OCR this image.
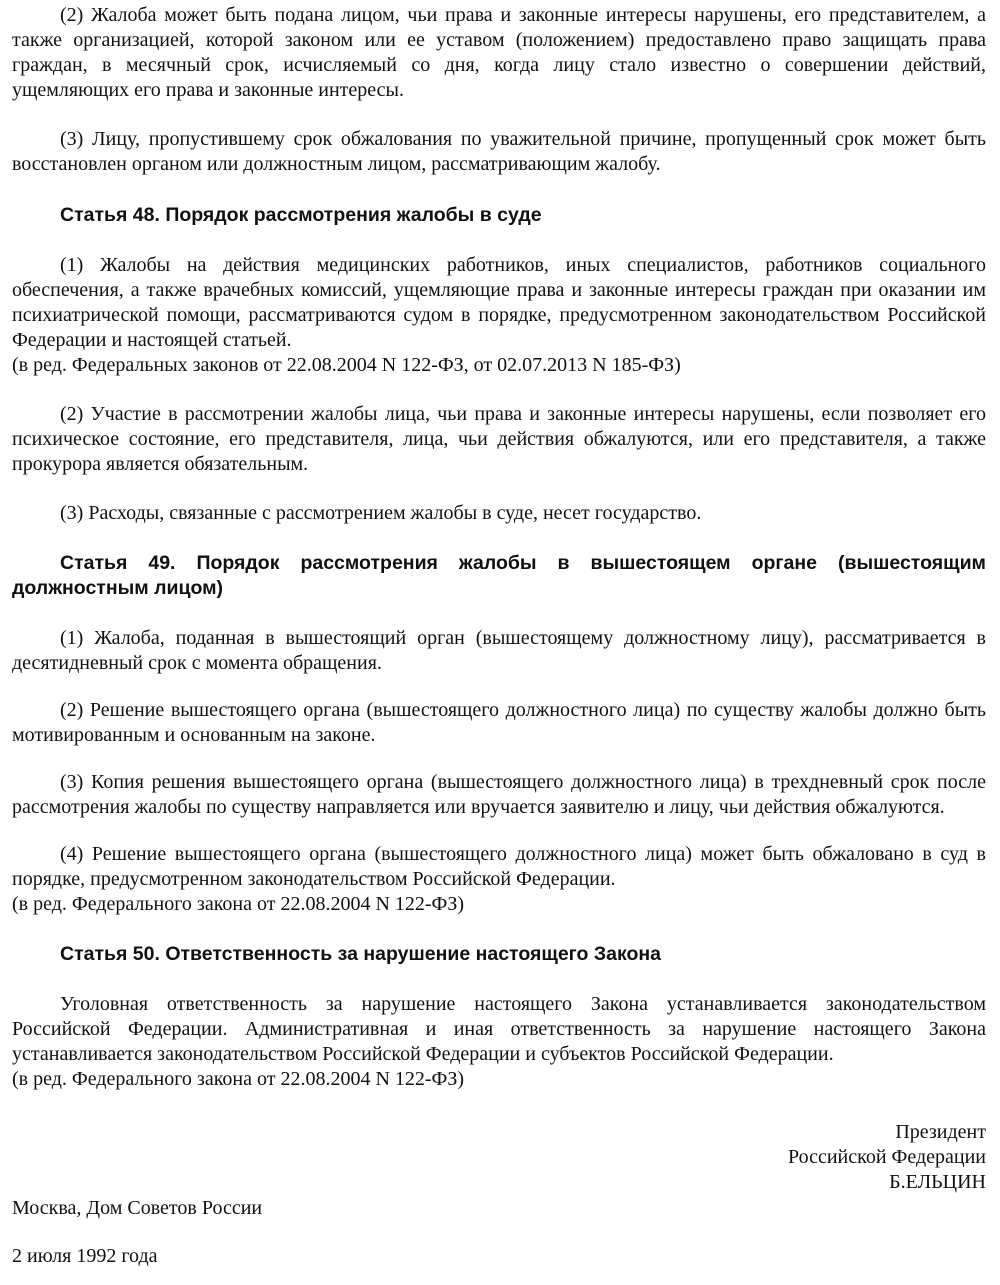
(2) Жалоба может быть подана лицом, чьи права и законные интересы нарушены, его представителем, а также организацией, которой законом или ее уставом (положением) предоставлено право защищать права граждан, в месячный срок, исчисляемый со дня, когда лицу стало известно о совершении действий, ущемляющих его права и законные интересы.

(3) Лицу, пропустившему срок обжалования по уважительной причине, пропущенный срок может быть восстановлен органом или должностным лицом, рассматривающим жалобу.

Статья 48. Порядок рассмотрения жалобы в суде

(1) Жалобы на действия медицинских работников, иных специалистов, работников социального обеспечения, а также врачебных комиссий, ущемляющие права и законные интересы граждан при оказании им психиатрической помощи, рассматриваются судом в порядке, предусмотренном законодательством Российской Федерации и настоящей статьей.

(в ред. Федеральных законов от 22.08.2004 N 122-ФЗ, от 02.07.2013 N 185-ФЗ)

(2) Участие в рассмотрении жалобы лица, чьи права и законные интересы нарушены, если позволяет его психическое состояние, его представителя, лица, чьи действия обжалуются, или его представителя, а также прокурора является обязательным.

(3) Расходы, связанные с рассмотрением жалобы в суде, несет государство.

Статья 49. Порядок рассмотрения жалобы в вышестоящем органе (вышестоящим должностным лицом)

(1) Жалоба, поданная в вышестоящий орган (вышестоящему должностному лицу), рассматривается в десятидневный срок с момента обращения.

(2) Решение вышестоящего органа (вышестоящего должностного лица) по существу жалобы должно быть мотивированным и основанным на законе.

(3) Копия решения вышестоящего органа (вышестоящего должностного лица) в трехдневный срок после рассмотрения жалобы по существу направляется или вручается заявителю и лицу, чьи действия обжалуются.

(4) Решение вышестоящего органа (вышестоящего должностного лица) может быть обжаловано в суд в порядке, предусмотренном законодательством Российской Федерации.

(в ред. Федерального закона от 22.08.2004 N 122-ФЗ)

Статья 50. Ответственность за нарушение настоящего Закона

Уголовная ответственность за нарушение настоящего Закона устанавливается законодательством Российской Федерации. Административная и иная ответственность за нарушение настоящего Закона устанавливается законодательством Российской Федерации и субъектов Российской Федерации.

(в ред. Федерального закона от 22.08.2004 N 122-ФЗ)

Президент
Российской Федерации
Б.ЕЛЬЦИН

Москва, Дом Советов России

2 июля 1992 года
